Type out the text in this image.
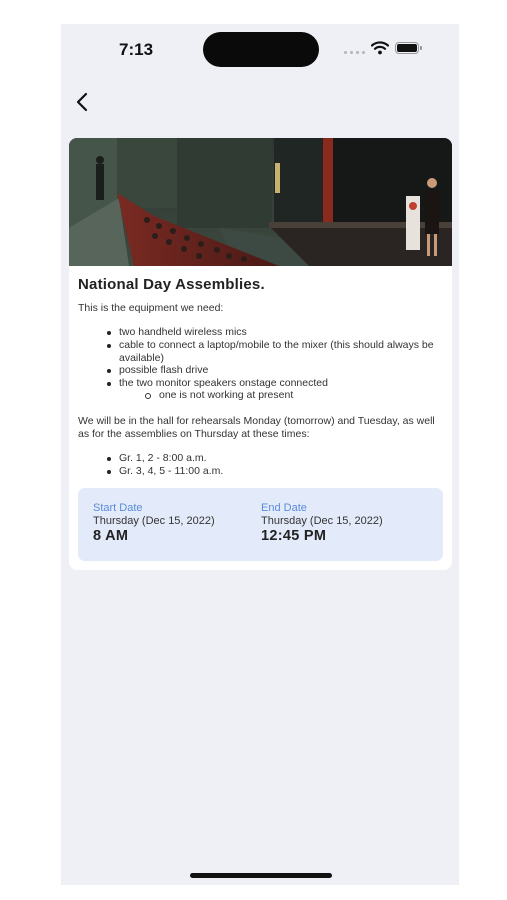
7:13
National Day Assemblies.
This is the equipment we need:
two handheld wireless mics
cable to connect a laptop/mobile to the mixer (this should always be available)
possible flash drive
the two monitor speakers onstage connected
one is not working at present
We will be in the hall for rehearsals Monday (tomorrow) and Tuesday, as well as for the assemblies on Thursday at these times:
Gr. 1, 2 - 8:00 a.m.
Gr. 3, 4, 5 - 11:00 a.m.
Start Date
Thursday (Dec 15, 2022)
8 AM
End Date
Thursday (Dec 15, 2022)
12:45 PM
